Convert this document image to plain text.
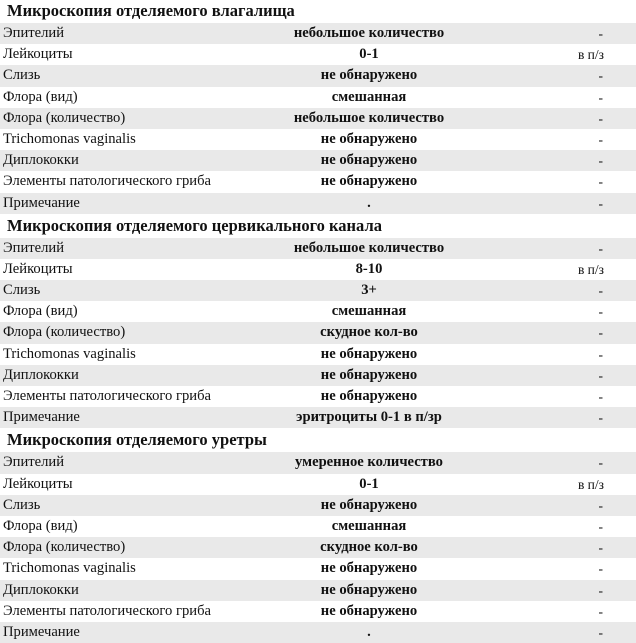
Микроскопия отделяемого влагалища
Эпителий	небольшое количество	-
Лейкоциты	0-1	в п/з
Слизь	не обнаружено	-
Флора (вид)	смешанная	-
Флора (количество)	небольшое количество	-
Trichomonas vaginalis	не обнаружено	-
Диплококки	не обнаружено	-
Элементы патологического гриба	не обнаружено	-
Примечание	.	-
Микроскопия отделяемого цервикального канала
Эпителий	небольшое количество	-
Лейкоциты	8-10	в п/з
Слизь	3+	-
Флора (вид)	смешанная	-
Флора (количество)	скудное кол-во	-
Trichomonas vaginalis	не обнаружено	-
Диплококки	не обнаружено	-
Элементы патологического гриба	не обнаружено	-
Примечание	эритроциты 0-1 в п/зр	-
Микроскопия отделяемого уретры
Эпителий	умеренное количество	-
Лейкоциты	0-1	в п/з
Слизь	не обнаружено	-
Флора (вид)	смешанная	-
Флора (количество)	скудное кол-во	-
Trichomonas vaginalis	не обнаружено	-
Диплококки	не обнаружено	-
Элементы патологического гриба	не обнаружено	-
Примечание	.	-
